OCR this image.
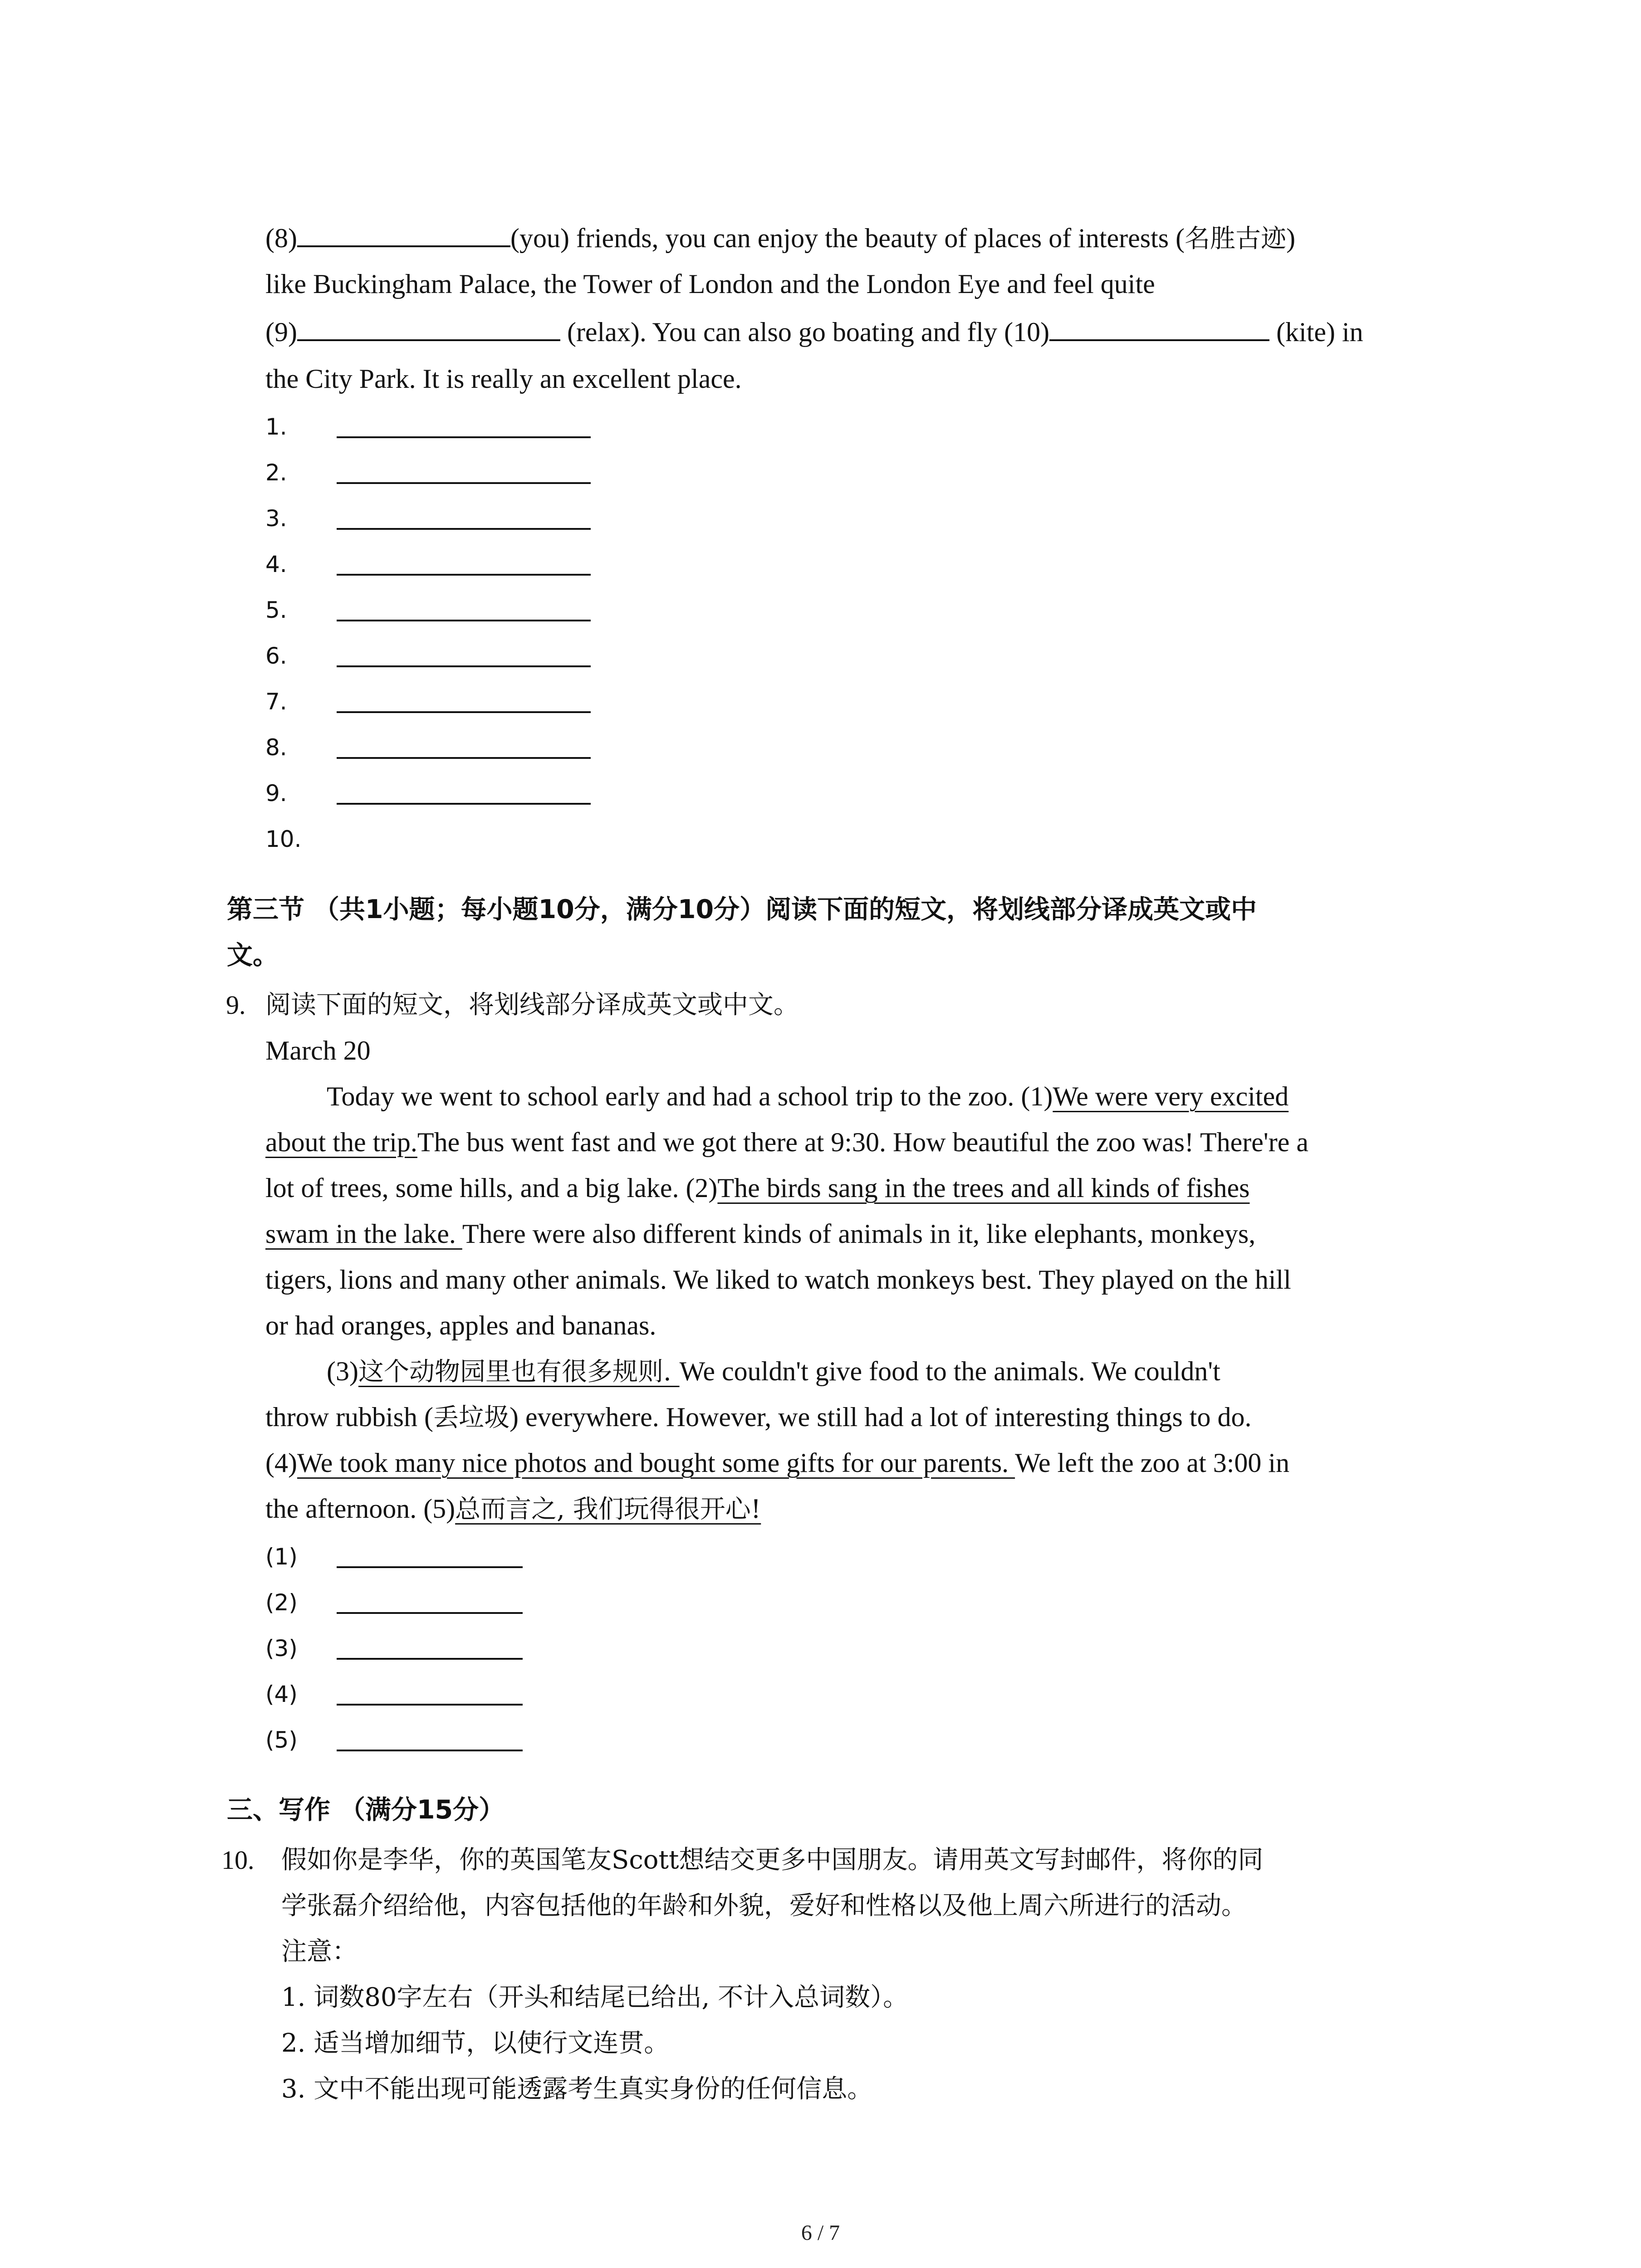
(8)	(you) friends, you can enjoy the beauty of places of interests (名胜古迹)
like Buckingham Palace, the Tower of London and the London Eye and feel quite
(9)	(relax). You can also go boating and fly (10)	(kite) in
the City Park. It is really an excellent place.
1.
2.
3.
4.
5.
6.
7.
8.
9.
10.
第三节 （共1小题；每小题10分，满分10分）阅读下面的短文，将划线部分译成英文或中
文。
9. 阅读下面的短文，将划线部分译成英文或中文。
March 20
Today we went to school early and had a school trip to the zoo. (1)We were very excited
about the trip.The bus went fast and we got there at 9:30. How beautiful the zoo was! There're a
lot of trees, some hills, and a big lake. (2)The birds sang in the trees and all kinds of fishes
swam in the lake. There were also different kinds of animals in it, like elephants, monkeys,
tigers, lions and many other animals. We liked to watch monkeys best. They played on the hill
or had oranges, apples and bananas.
(3)这个动物园里也有很多规则. We couldn't give food to the animals. We couldn't
throw rubbish (丢垃圾) everywhere. However, we still had a lot of interesting things to do.
(4)We took many nice photos and bought some gifts for our parents. We left the zoo at 3:00 in
the afternoon. (5)总而言之, 我们玩得很开心!
(1)
(2)
(3)
(4)
(5)
三、写作 （满分15分）
10. 假如你是李华，你的英国笔友Scott想结交更多中国朋友。请用英文写封邮件，将你的同
学张磊介绍给他，内容包括他的年龄和外貌，爱好和性格以及他上周六所进行的活动。
注意：
1. 词数80字左右（开头和结尾已给出, 不计入总词数）。
2. 适当增加细节，以使行文连贯。
3. 文中不能出现可能透露考生真实身份的任何信息。
6 / 7
